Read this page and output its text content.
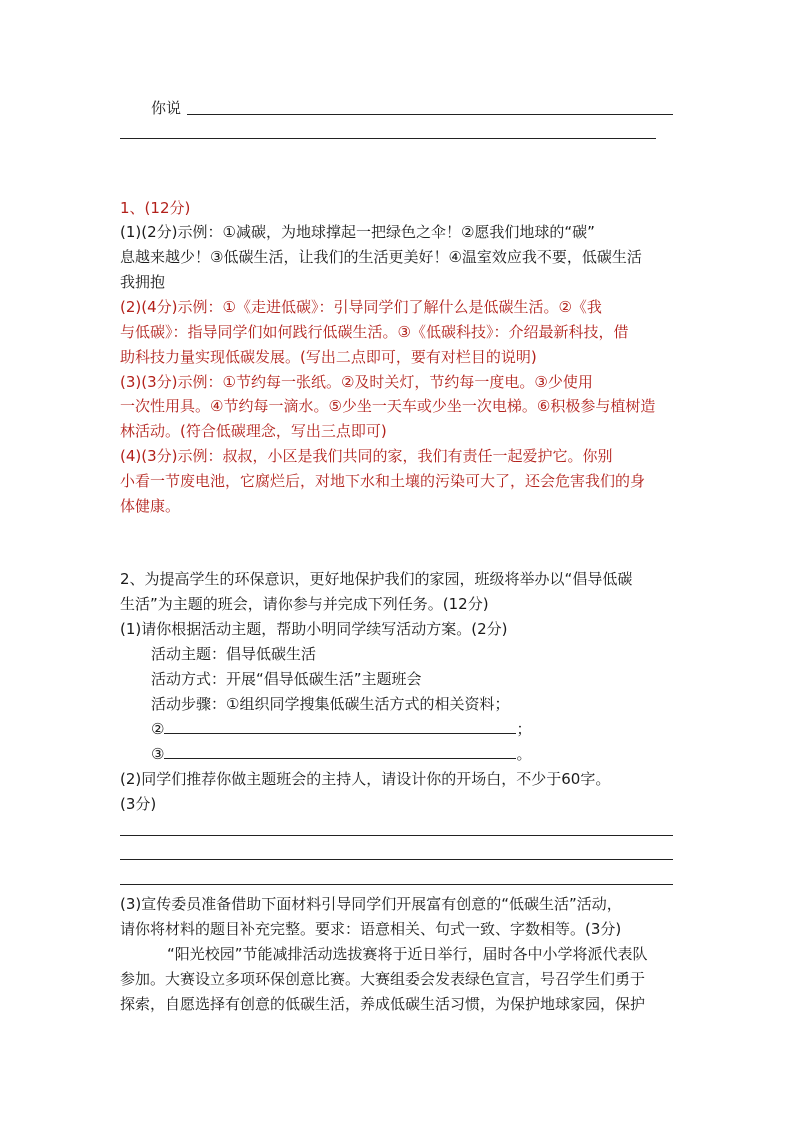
你说
1、(12分)
(1)(2分)示例：①减碳，为地球撑起一把绿色之伞！②愿我们地球的“碳”
息越来越少！③低碳生活，让我们的生活更美好！④温室效应我不要，低碳生活
我拥抱
(2)(4分)示例：①《走进低碳》：引导同学们了解什么是低碳生活。②《我
与低碳》：指导同学们如何践行低碳生活。③《低碳科技》：介绍最新科技，借
助科技力量实现低碳发展。(写出二点即可，要有对栏目的说明)
(3)(3分)示例：①节约每一张纸。②及时关灯，节约每一度电。③少使用
一次性用具。④节约每一滴水。⑤少坐一天车或少坐一次电梯。⑥积极参与植树造
林活动。(符合低碳理念，写出三点即可)
(4)(3分)示例：叔叔，小区是我们共同的家，我们有责任一起爱护它。你别
小看一节废电池，它腐烂后，对地下水和土壤的污染可大了，还会危害我们的身
体健康。
2、为提高学生的环保意识，更好地保护我们的家园，班级将举办以“倡导低碳
生活”为主题的班会，请你参与并完成下列任务。(12分)
(1)请你根据活动主题，帮助小明同学续写活动方案。(2分)
活动主题：倡导低碳生活
活动方式：开展“倡导低碳生活”主题班会
活动步骤：①组织同学搜集低碳生活方式的相关资料；
②	；
③	。
(2)同学们推荐你做主题班会的主持人，请设计你的开场白，不少于60字。
(3分)
(3)宣传委员准备借助下面材料引导同学们开展富有创意的“低碳生活”活动，
请你将材料的题目补充完整。要求：语意相关、句式一致、字数相等。(3分)
“阳光校园”节能减排活动选拔赛将于近日举行，届时各中小学将派代表队
参加。大赛设立多项环保创意比赛。大赛组委会发表绿色宣言，号召学生们勇于
探索，自愿选择有创意的低碳生活，养成低碳生活习惯，为保护地球家园，保护
